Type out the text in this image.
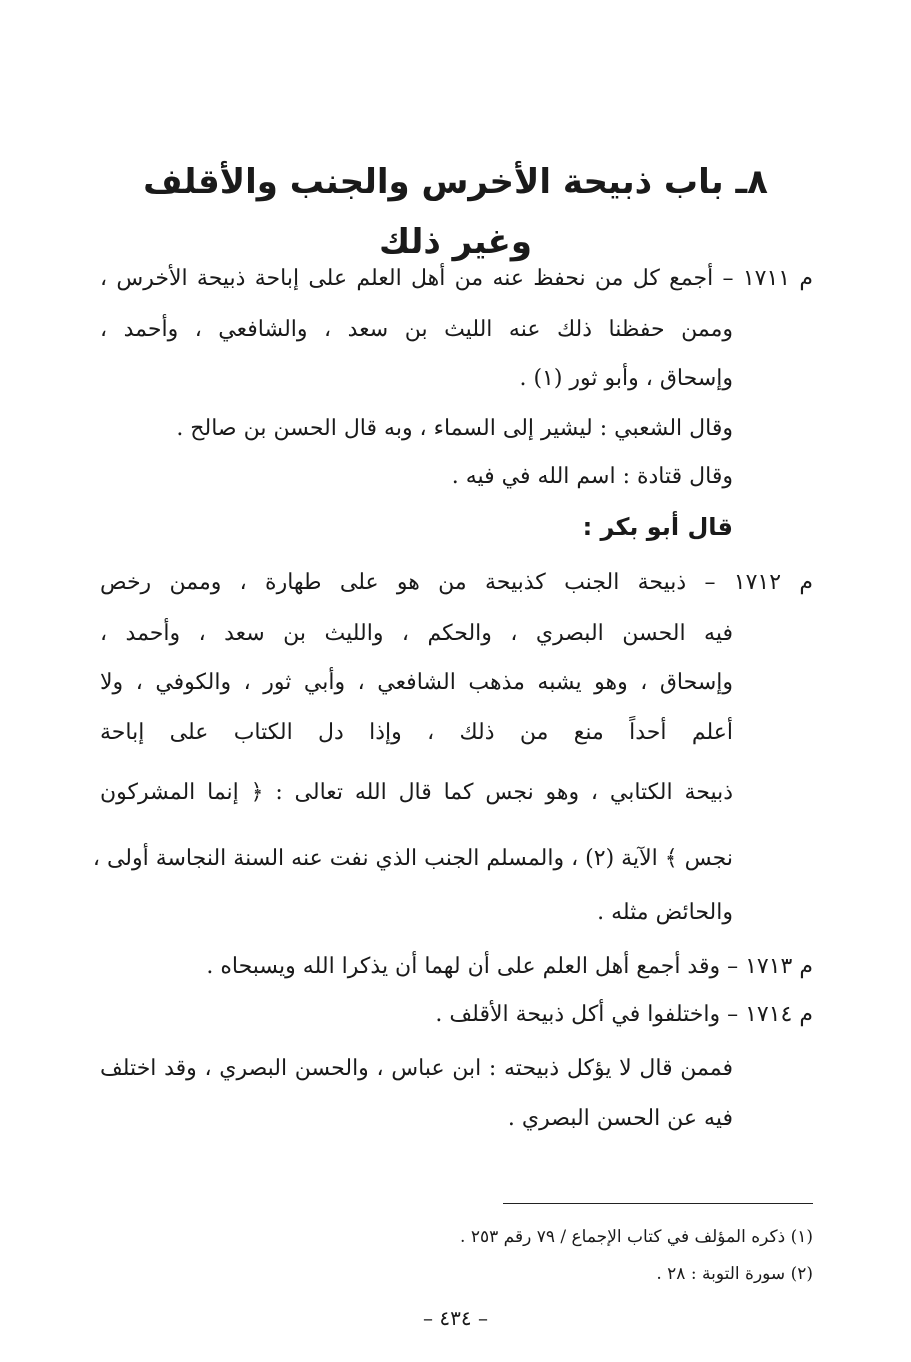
٨ـ باب ذبيحة الأخرس والجنب والأقلف وغير ذلك
م ١٧١١ – أجمع كل من نحفظ عنه من أهل العلم على إباحة ذبيحة الأخرس ،
وممن حفظنا ذلك عنه الليث بن سعد ، والشافعي ، وأحمد ،
وإسحاق ، وأبو ثور (١) .
وقال الشعبي : ليشير إلى السماء ، وبه قال الحسن بن صالح .
وقال قتادة : اسم الله في فيه .
قال أبو بكر :
م ١٧١٢ – ذبيحة الجنب كذبيحة من هو على طهارة ، وممن رخص
فيه الحسن البصري ، والحكم ، والليث بن سعد ، وأحمد ،
وإسحاق ، وهو يشبه مذهب الشافعي ، وأبي ثور ، والكوفي ، ولا
أعلم أحداً منع من ذلك ، وإذا دل الكتاب على إباحة
ذبيحة الكتابي ، وهو نجس كما قال الله تعالى : ﴿ إنما المشركون
نجس ﴾ الآية (٢) ، والمسلم الجنب الذي نفت عنه السنة النجاسة أولى ،
والحائض مثله .
م ١٧١٣ – وقد أجمع أهل العلم على أن لهما أن يذكرا الله ويسبحاه .
م ١٧١٤ – واختلفوا في أكل ذبيحة الأقلف .
فممن قال لا يؤكل ذبيحته : ابن عباس ، والحسن البصري ، وقد اختلف
فيه عن الحسن البصري .
(١) ذكره المؤلف في كتاب الإجماع / ٧٩ رقم ٢٥٣ .
(٢) سورة التوبة : ٢٨ .
– ٤٣٤ –
